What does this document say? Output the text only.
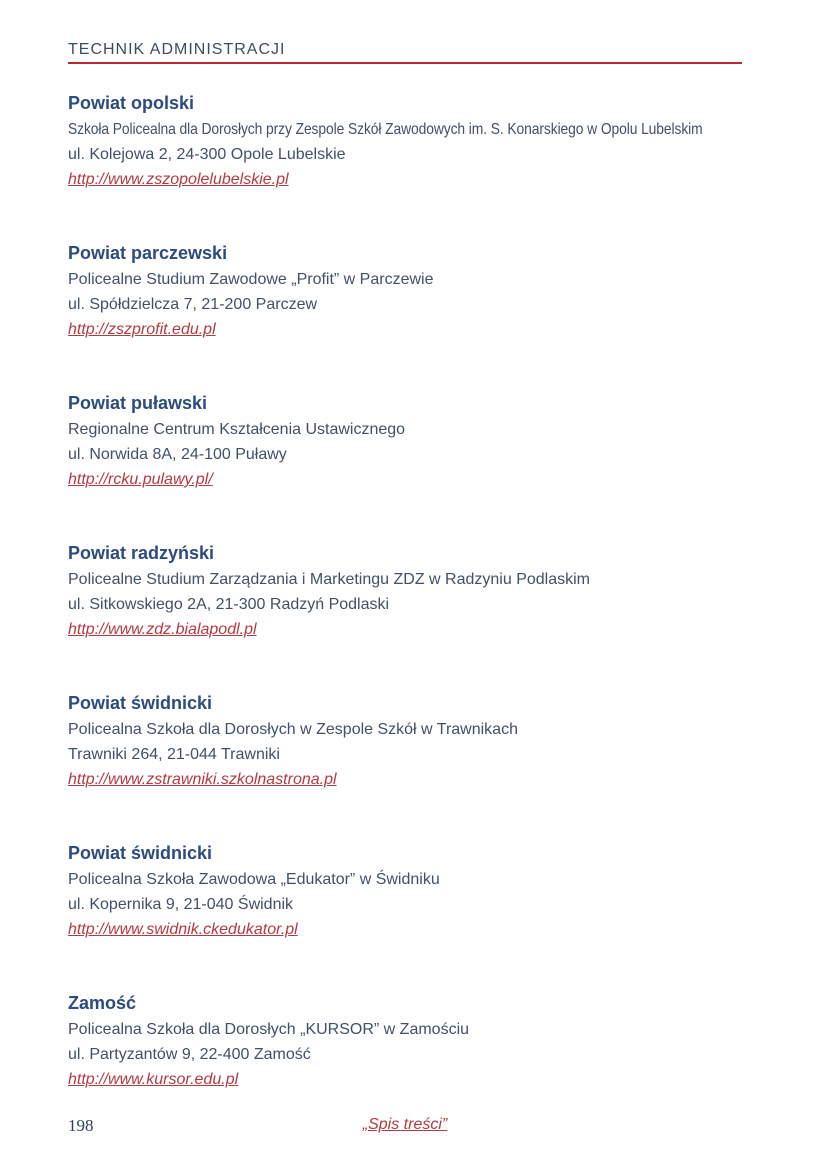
TECHNIK ADMINISTRACJI
Powiat opolski

Szkoła Policealna dla Dorosłych przy Zespole Szkół Zawodowych im. S. Konarskiego w Opolu Lubelskim

ul. Kolejowa 2, 24-300 Opole Lubelskie

http://www.zszopolelubelskie.pl
Powiat parczewski

Policealne Studium Zawodowe „Profit” w Parczewie

ul. Spółdzielcza 7, 21-200 Parczew

http://zszprofit.edu.pl
Powiat puławski

Regionalne Centrum Kształcenia Ustawicznego

ul. Norwida 8A, 24-100 Puławy

http://rcku.pulawy.pl/
Powiat radzyński

Policealne Studium Zarządzania i Marketingu ZDZ w Radzyniu Podlaskim

ul. Sitkowskiego 2A, 21-300 Radzyń Podlaski

http://www.zdz.bialapodl.pl
Powiat świdnicki

Policealna Szkoła dla Dorosłych w Zespole Szkół w Trawnikach

Trawniki 264, 21-044 Trawniki

http://www.zstrawniki.szkolnastrona.pl
Powiat świdnicki

Policealna Szkoła Zawodowa „Edukator” w Świdniku

ul. Kopernika 9, 21-040 Świdnik

http://www.swidnik.ckedukator.pl
Zamość

Policealna Szkoła dla Dorosłych „KURSOR” w Zamościu

ul. Partyzantów 9, 22-400 Zamość

http://www.kursor.edu.pl
198	„Spis treści”
